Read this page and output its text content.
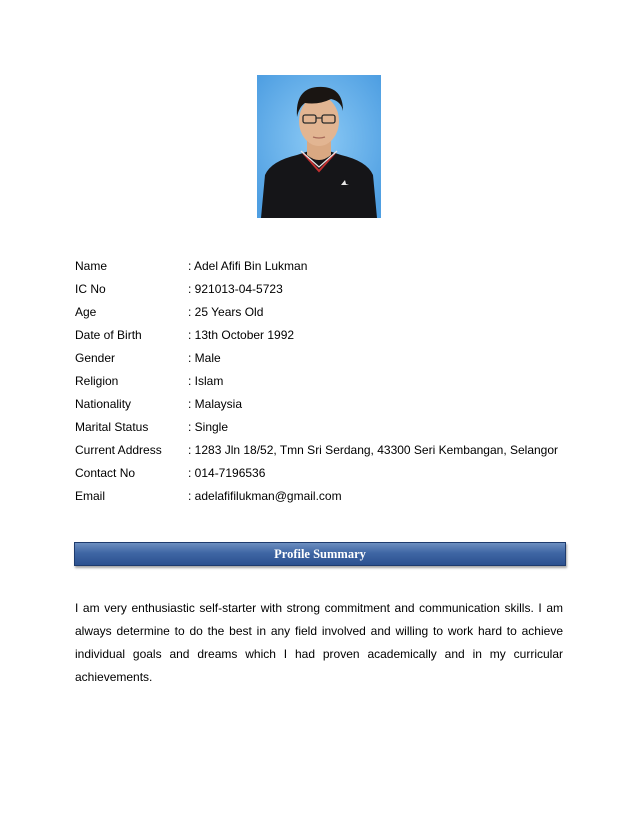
Name	: Adel Afifi Bin Lukman
IC No	: 921013-04-5723
Age	: 25 Years Old
Date of Birth	: 13th October 1992
Gender	: Male
Religion	: Islam
Nationality	: Malaysia
Marital Status	: Single
Current Address : 1283 Jln 18/52, Tmn Sri Serdang, 43300 Seri Kembangan, Selangor
Contact No	: 014-7196536
Email	: adelafifilukman@gmail.com
Profile Summary
I am very enthusiastic self-starter with strong commitment and communication skills. I am always determine to do the best in any field involved and willing to work hard to achieve individual goals and dreams which I had proven academically and in my curricular achievements.
